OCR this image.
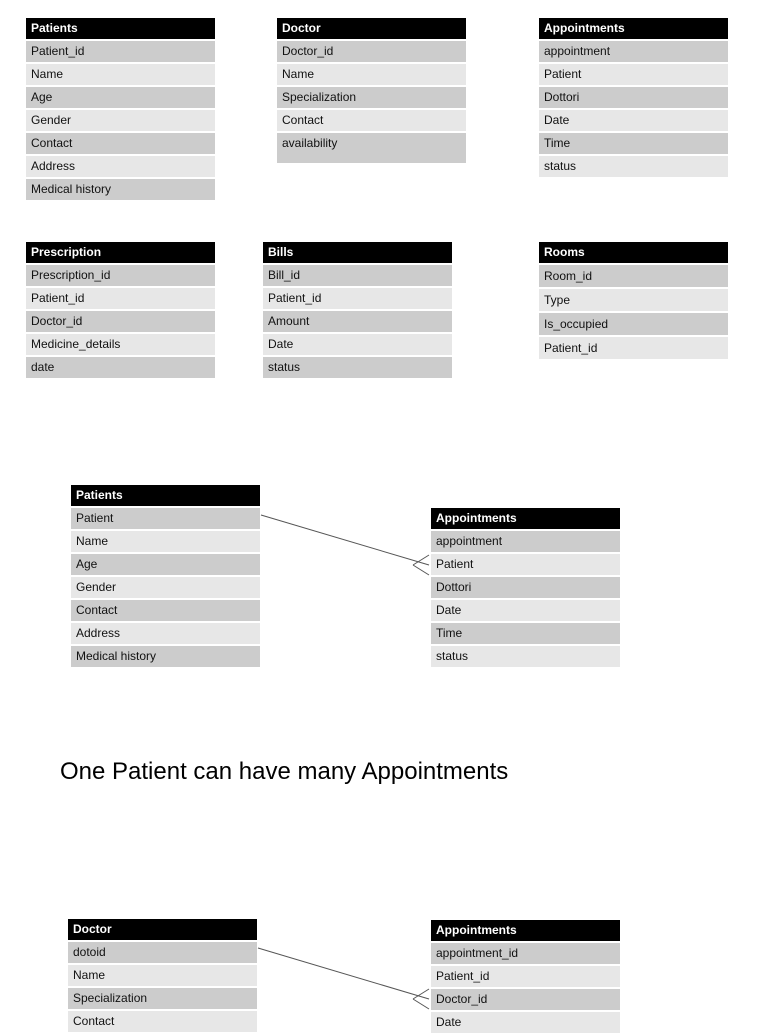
Patients
Patient_id
Name
Age
Gender
Contact
Address
Medical history
Doctor
Doctor_id
Name
Specialization
Contact
availability
Appointments
appointment
Patient
Dottori
Date
Time
status
Prescription
Prescription_id
Patient_id
Doctor_id
Medicine_details
date
Bills
Bill_id
Patient_id
Amount
Date
status
Rooms
Room_id
Type
Is_occupied
Patient_id
Patients
Patient
Name
Age
Gender
Contact
Address
Medical history
Appointments
appointment
Patient
Dottori
Date
Time
status
One Patient can have many Appointments
Doctor
dotoid
Name
Specialization
Contact
Appointments
appointment_id
Patient_id
Doctor_id
Date
